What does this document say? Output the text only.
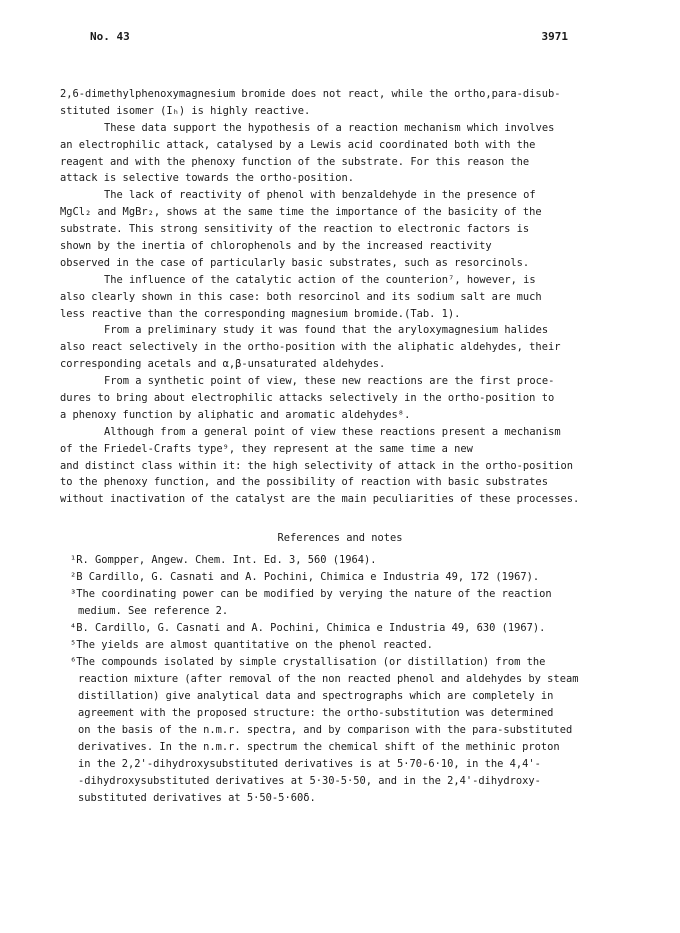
No. 43	3971
2,6-dimethylphenoxymagnesium bromide does not react, while the ortho,para-disub-
stituted isomer (Iₕ) is highly reactive.
These data support the hypothesis of a reaction mechanism which involves
an electrophilic attack, catalysed by a Lewis acid coordinated both with the
reagent and with the phenoxy function of the substrate. For this reason the
attack is selective towards the ortho-position.
The lack of reactivity of phenol with benzaldehyde in the presence of
MgCl₂ and MgBr₂, shows at the same time the importance of the basicity of the
substrate. This strong sensitivity of the reaction to electronic factors is
shown by the inertia of chlorophenols and by the increased reactivity
observed in the case of particularly basic substrates, such as resorcinols.
The influence of the catalytic action of the counterion⁷, however, is
also clearly shown in this case: both resorcinol and its sodium salt are much
less reactive than the corresponding magnesium bromide.(Tab. 1).
From a preliminary study it was found that the aryloxymagnesium halides
also react selectively in the ortho-position with the aliphatic aldehydes, their
corresponding acetals and α,β-unsaturated aldehydes.
From a synthetic point of view, these new reactions are the first proce-
dures to bring about electrophilic attacks selectively in the ortho-position to
a phenoxy function by aliphatic and aromatic aldehydes⁸.
Although from a general point of view these reactions present a mechanism
of the Friedel-Crafts type⁹, they represent at the same time a new
and distinct class within it: the high selectivity of attack in the ortho-position
to the phenoxy function, and the possibility of reaction with basic substrates
without inactivation of the catalyst are the main peculiarities of these processes.
References and notes
¹R. Gompper, Angew. Chem. Int. Ed. 3, 560 (1964).
²B Cardillo, G. Casnati and A. Pochini, Chimica e Industria 49, 172 (1967).
³The coordinating power can be modified by verying the nature of the reaction
medium. See reference 2.
⁴B. Cardillo, G. Casnati and A. Pochini, Chimica e Industria 49, 630 (1967).
⁵The yields are almost quantitative on the phenol reacted.
⁶The compounds isolated by simple crystallisation (or distillation) from the
reaction mixture (after removal of the non reacted phenol and aldehydes by steam
distillation) give analytical data and spectrographs which are completely in
agreement with the proposed structure: the ortho-substitution was determined
on the basis of the n.m.r. spectra, and by comparison with the para-substituted
derivatives. In the n.m.r. spectrum the chemical shift of the methinic proton
in the 2,2'-dihydroxysubstituted derivatives is at 5·70-6·10, in the 4,4'-
-dihydroxysubstituted derivatives at 5·30-5·50, and in the 2,4'-dihydroxy-
substituted derivatives at 5·50-5·60δ.
